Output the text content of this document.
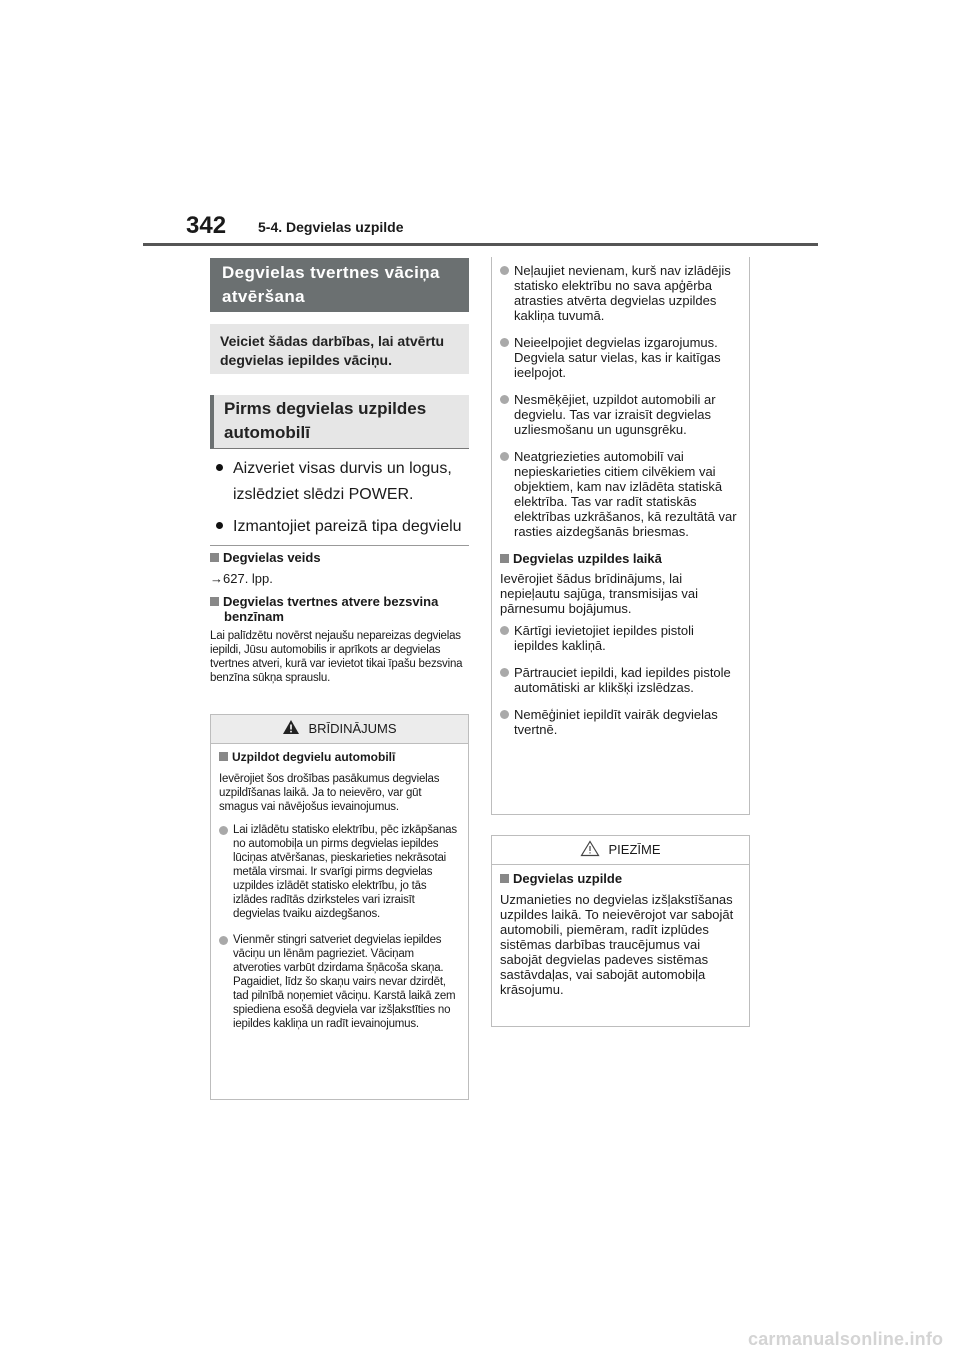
342 5-4. Degvielas uzpilde
Degvielas tvertnes vāciņa atvēršana
Veiciet šādas darbības, lai atvērtu degvielas iepildes vāciņu.
Pirms degvielas uzpildes automobilī
Aizveriet visas durvis un logus,
izslēdziet slēdzi POWER.
Izmantojiet pareizā tipa degvielu
Degvielas veids
→627. lpp.
Degvielas tvertnes atvere bezsvina benzīnam
Lai palīdzētu novērst nejaušu nepareizas degvielas iepildi, Jūsu automobilis ir aprīkots ar degvielas tvertnes atveri, kurā var ievietot tikai īpašu bezsvina benzīna sūkņa sprauslu.
BRĪDINĀJUMS
Uzpildot degvielu automobilī
Ievērojiet šos drošības pasākumus degvielas uzpildīšanas laikā. Ja to neievēro, var gūt smagus vai nāvējošus ievainojumus.
Lai izlādētu statisko elektrību, pēc izkāpšanas no automobiļa un pirms degvielas iepildes lūciņas atvēršanas, pieskarieties nekrāsotai metāla virsmai. Ir svarīgi pirms degvielas uzpildes izlādēt statisko elektrību, jo tās izlādes radītās dzirksteles vari izraisīt degvielas tvaiku aizdegšanos.
Vienmēr stingri satveriet degvielas iepildes vāciņu un lēnām pagrieziet. Vāciņam atveroties varbūt dzirdama šņācoša skaņa. Pagaidiet, līdz šo skaņu vairs nevar dzirdēt, tad pilnībā noņemiet vāciņu. Karstā laikā zem spiediena esošā degviela var izšļakstīties no iepildes kakliņa un radīt ievainojumus.
Neļaujiet nevienam, kurš nav izlādējis statisko elektrību no sava apģērba atrasties atvērta degvielas uzpildes kakliņa tuvumā.
Neieelpojiet degvielas izgarojumus. Degviela satur vielas, kas ir kaitīgas ieelpojot.
Nesmēķējiet, uzpildot automobili ar degvielu. Tas var izraisīt degvielas uzliesmošanu un ugunsgrēku.
Neatgriezieties automobilī vai nepieskarieties citiem cilvēkiem vai objektiem, kam nav izlādēta statiskā elektrība. Tas var radīt statiskās elektrības uzkrāšanos, kā rezultātā var rasties aizdegšanās briesmas.
Degvielas uzpildes laikā
Ievērojiet šādus brīdinājums, lai nepieļautu sajūga, transmisijas vai pārnesumu bojājumus.
Kārtīgi ievietojiet iepildes pistoli iepildes kakliņā.
Pārtrauciet iepildi, kad iepildes pistole automātiski ar klikšķi izslēdzas.
Nemēģiniet iepildīt vairāk degvielas tvertnē.
PIEZĪME
Degvielas uzpilde
Uzmanieties no degvielas izšļakstīšanas uzpildes laikā. To neievērojot var sabojāt automobili, piemēram, radīt izplūdes sistēmas darbības traucējumus vai sabojāt degvielas padeves sistēmas sastāvdaļas, vai sabojāt automobiļa krāsojumu.
carmanualsonline.info
